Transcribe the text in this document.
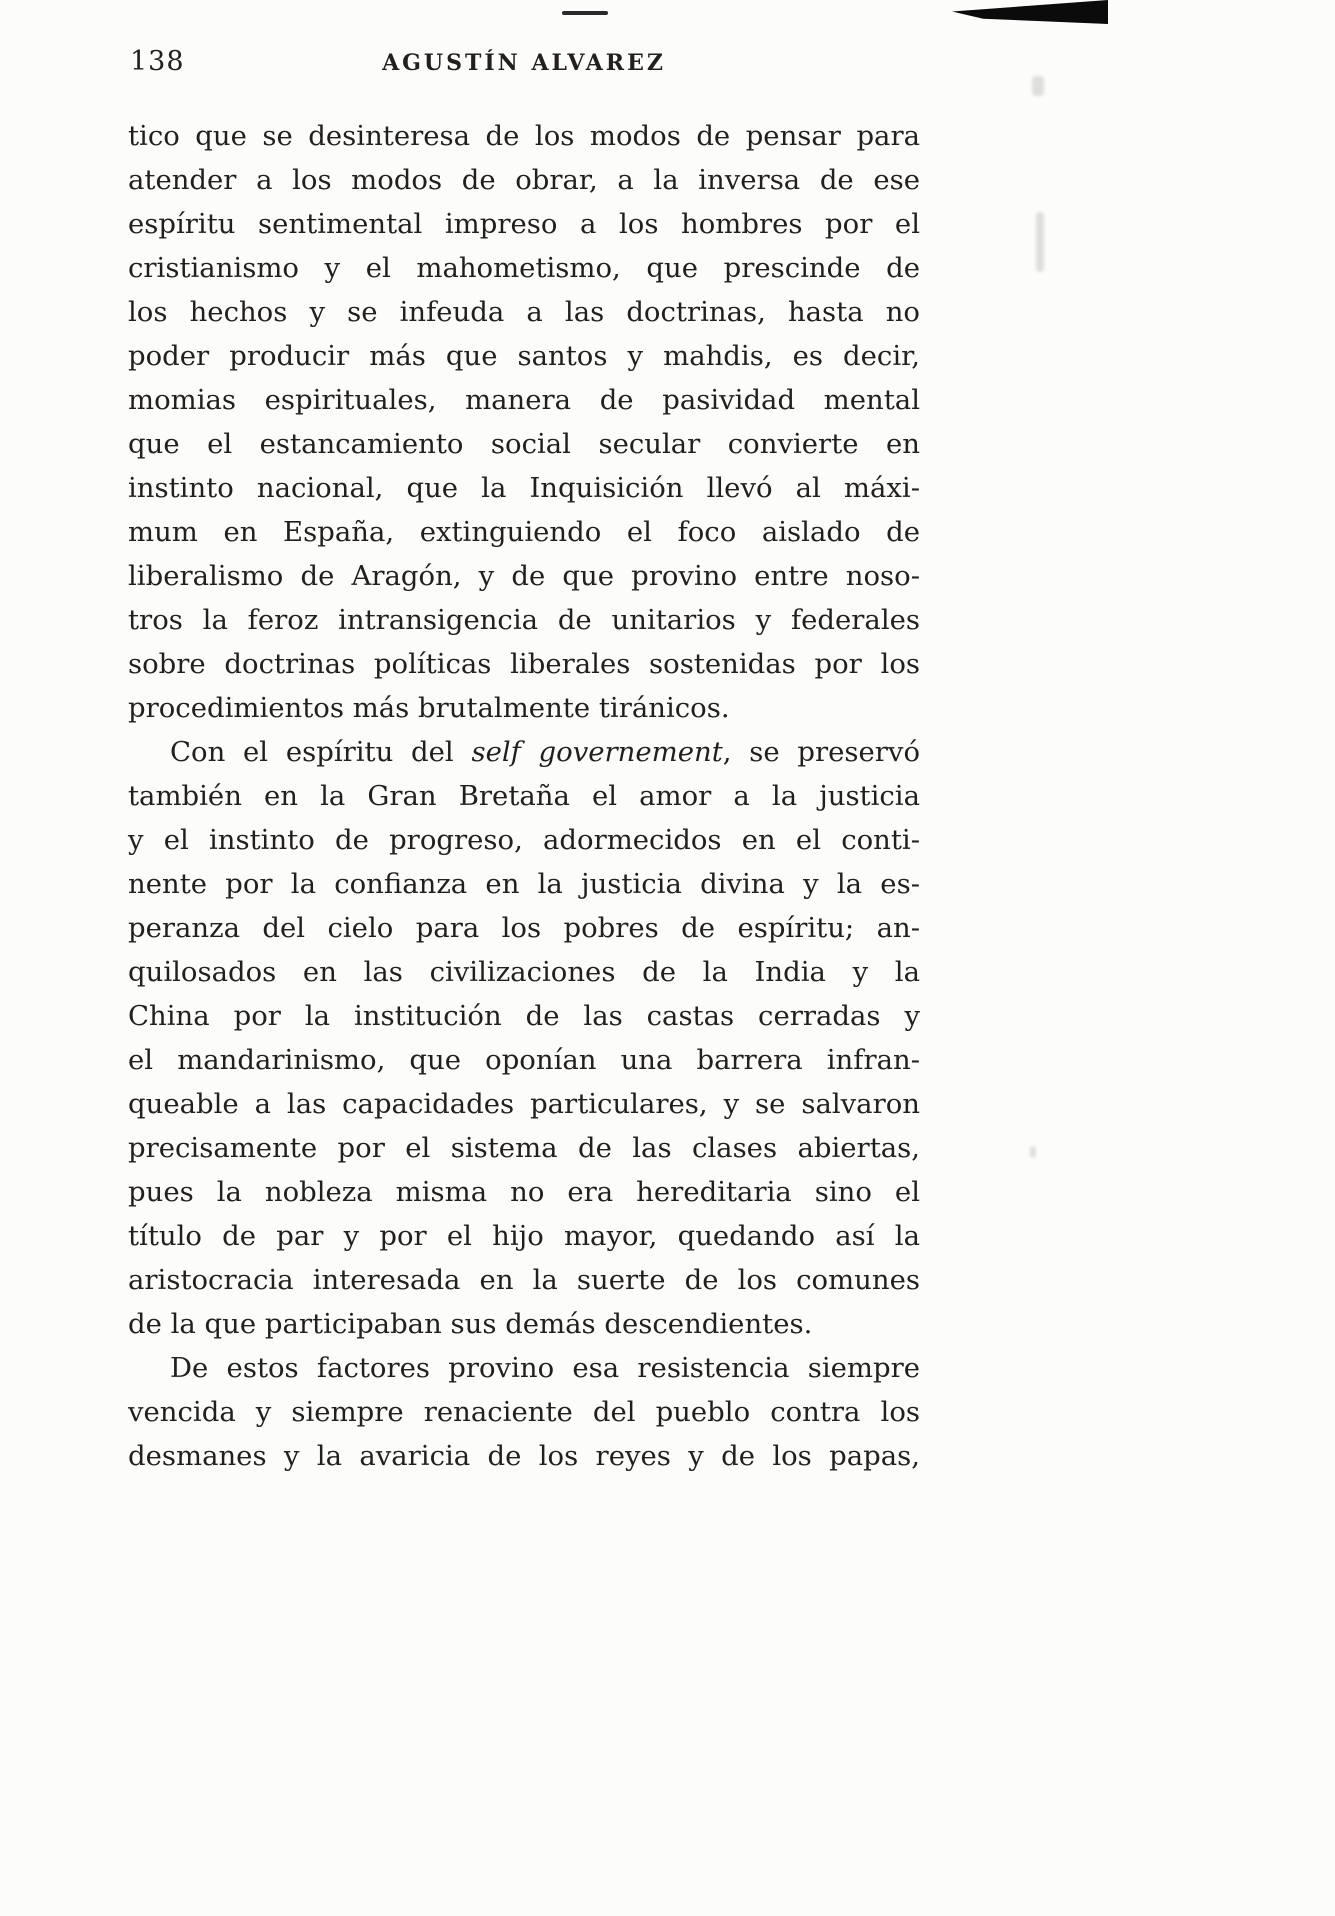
138	AGUSTÍN ALVAREZ
tico que se desinteresa de los modos de pensar para
atender a los modos de obrar, a la inversa de ese
espíritu sentimental impreso a los hombres por el
cristianismo y el mahometismo, que prescinde de
los hechos y se infeuda a las doctrinas, hasta no
poder producir más que santos y mahdis, es decir,
momias espirituales, manera de pasividad mental
que el estancamiento social secular convierte en
instinto nacional, que la Inquisición llevó al máxi-
mum en España, extinguiendo el foco aislado de
liberalismo de Aragón, y de que provino entre noso-
tros la feroz intransigencia de unitarios y federales
sobre doctrinas políticas liberales sostenidas por los
procedimientos más brutalmente tiránicos.
Con el espíritu del self governement, se preservó
también en la Gran Bretaña el amor a la justicia
y el instinto de progreso, adormecidos en el conti-
nente por la confianza en la justicia divina y la es-
peranza del cielo para los pobres de espíritu; an-
quilosados en las civilizaciones de la India y la
China por la institución de las castas cerradas y
el mandarinismo, que oponían una barrera infran-
queable a las capacidades particulares, y se salvaron
precisamente por el sistema de las clases abiertas,
pues la nobleza misma no era hereditaria sino el
título de par y por el hijo mayor, quedando así la
aristocracia interesada en la suerte de los comunes
de la que participaban sus demás descendientes.
De estos factores provino esa resistencia siempre
vencida y siempre renaciente del pueblo contra los
desmanes y la avaricia de los reyes y de los papas,
